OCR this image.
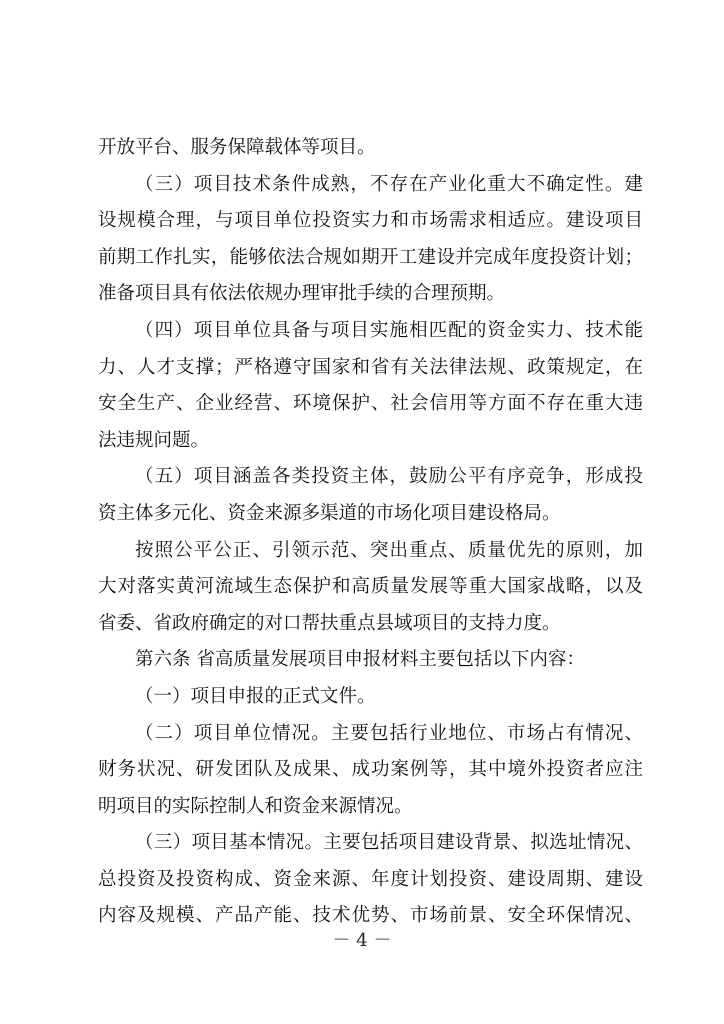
开放平台、服务保障载体等项目。
（三）项目技术条件成熟，不存在产业化重大不确定性。建
设规模合理，与项目单位投资实力和市场需求相适应。建设项目
前期工作扎实，能够依法合规如期开工建设并完成年度投资计划；
准备项目具有依法依规办理审批手续的合理预期。
（四）项目单位具备与项目实施相匹配的资金实力、技术能
力、人才支撑；严格遵守国家和省有关法律法规、政策规定，在
安全生产、企业经营、环境保护、社会信用等方面不存在重大违
法违规问题。
（五）项目涵盖各类投资主体，鼓励公平有序竞争，形成投
资主体多元化、资金来源多渠道的市场化项目建设格局。
按照公平公正、引领示范、突出重点、质量优先的原则，加
大对落实黄河流域生态保护和高质量发展等重大国家战略，以及
省委、省政府确定的对口帮扶重点县域项目的支持力度。
第六条 省高质量发展项目申报材料主要包括以下内容：
（一）项目申报的正式文件。
（二）项目单位情况。主要包括行业地位、市场占有情况、
财务状况、研发团队及成果、成功案例等，其中境外投资者应注
明项目的实际控制人和资金来源情况。
（三）项目基本情况。主要包括项目建设背景、拟选址情况、
总投资及投资构成、资金来源、年度计划投资、建设周期、建设
内容及规模、产品产能、技术优势、市场前景、安全环保情况、
－ 4 －
